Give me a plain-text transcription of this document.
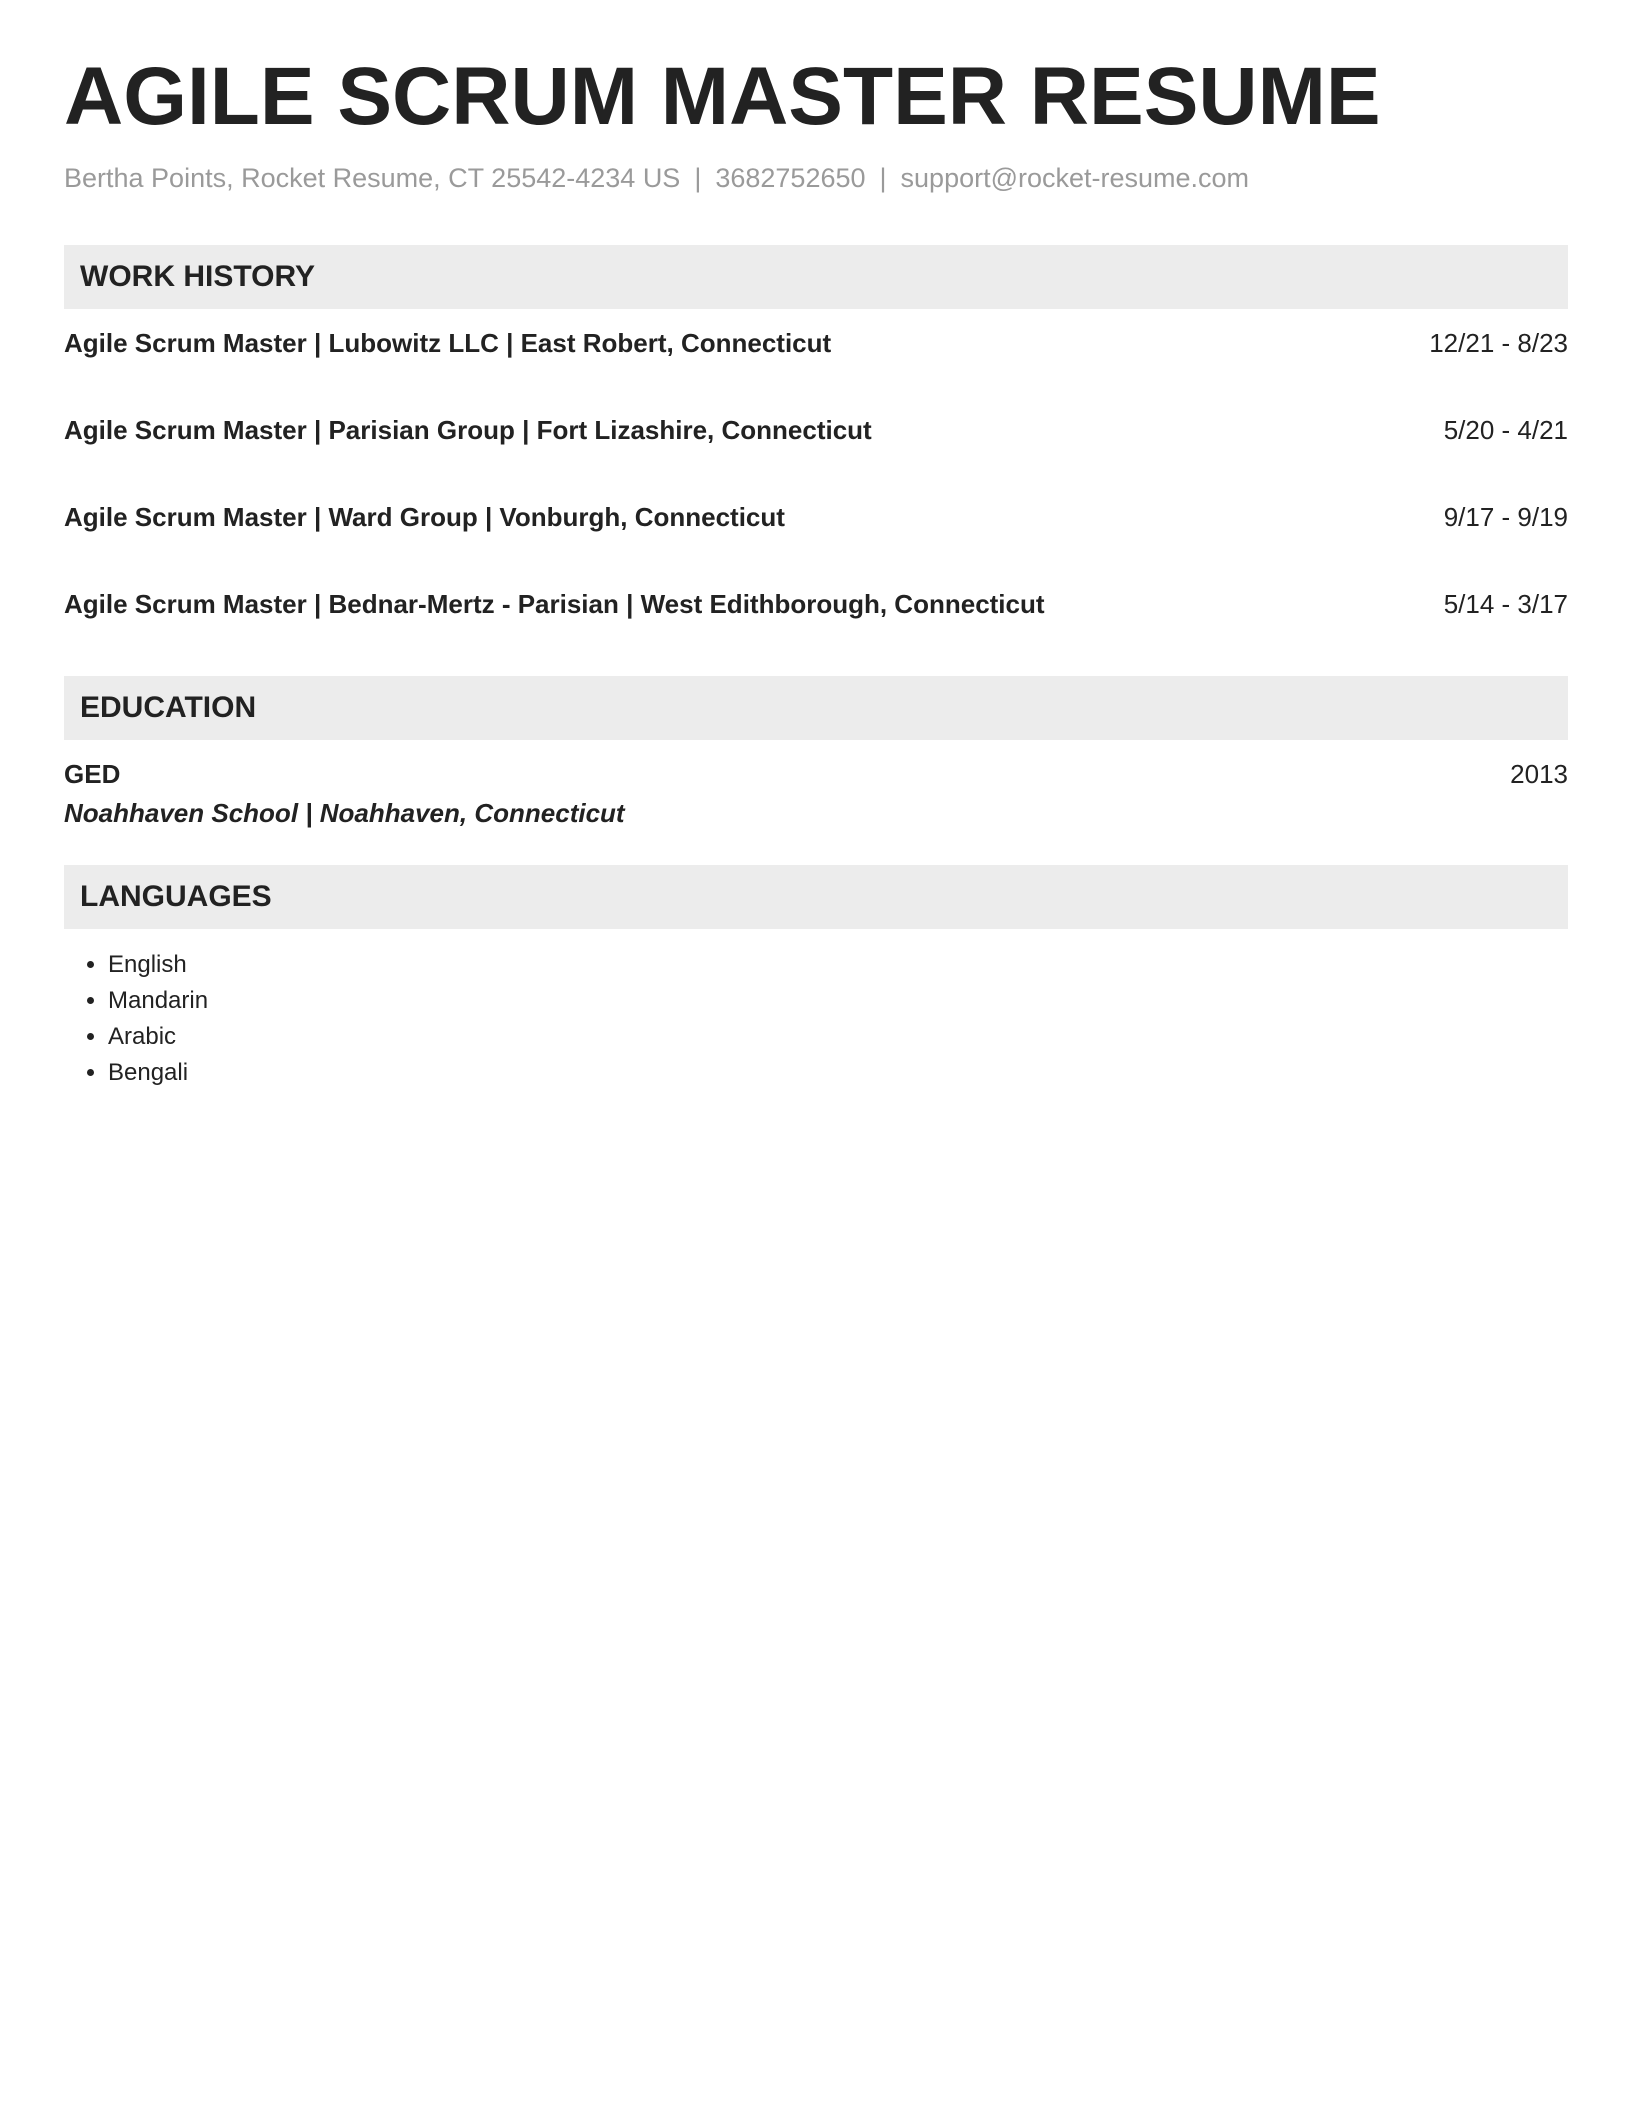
AGILE SCRUM MASTER RESUME
Bertha Points, Rocket Resume, CT 25542-4234 US | 3682752650 | support@rocket-resume.com
WORK HISTORY
Agile Scrum Master | Lubowitz LLC | East Robert, Connecticut	12/21 - 8/23
Agile Scrum Master | Parisian Group | Fort Lizashire, Connecticut	5/20 - 4/21
Agile Scrum Master | Ward Group | Vonburgh, Connecticut	9/17 - 9/19
Agile Scrum Master | Bednar-Mertz - Parisian | West Edithborough, Connecticut	5/14 - 3/17
EDUCATION
GED	2013
Noahhaven School | Noahhaven, Connecticut
LANGUAGES
• English
• Mandarin
• Arabic
• Bengali
